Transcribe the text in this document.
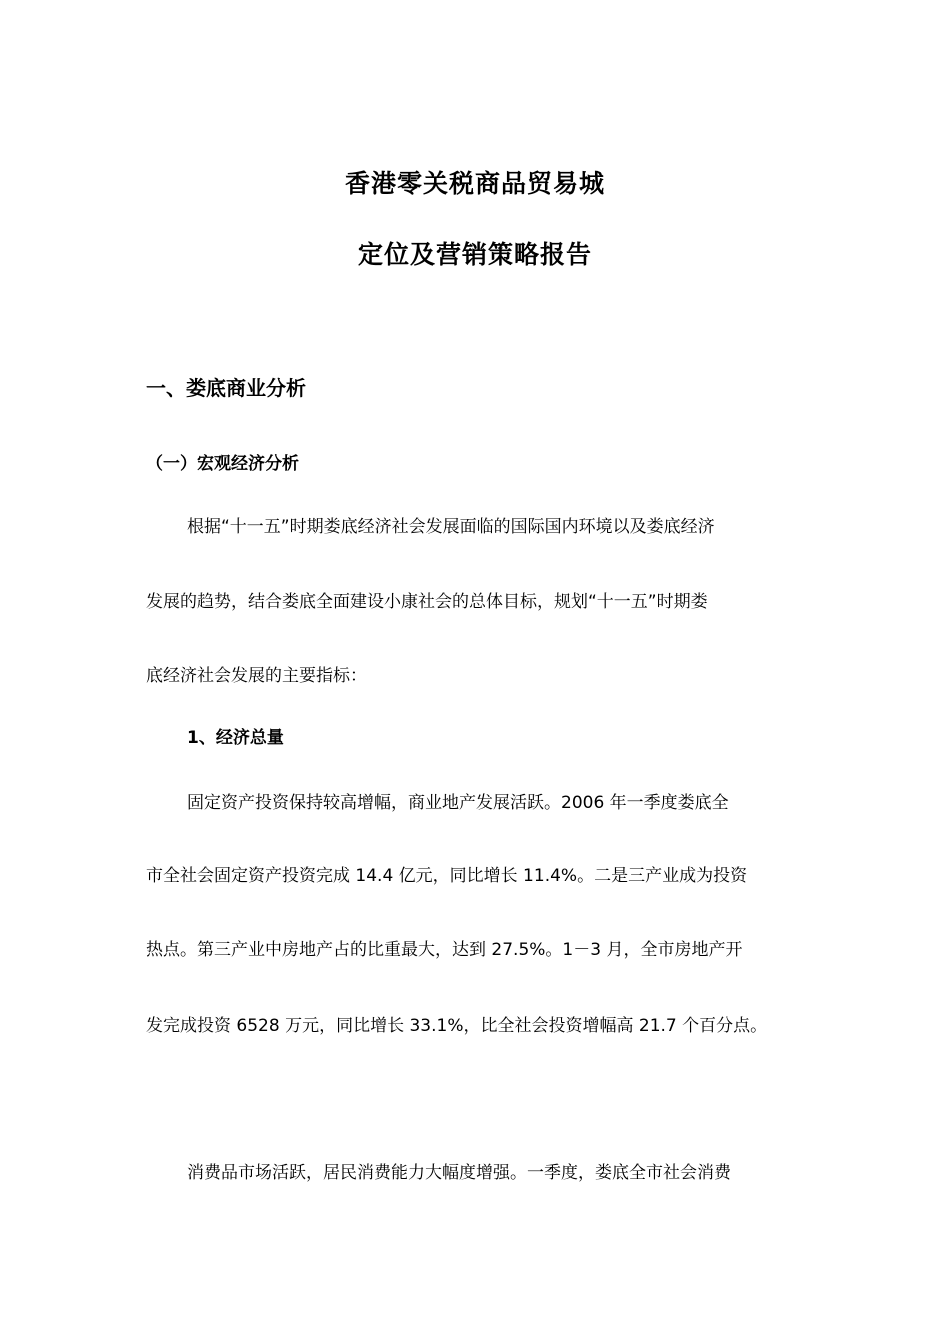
香港零关税商品贸易城
定位及营销策略报告
一、娄底商业分析
（一）宏观经济分析

根据“十一五”时期娄底经济社会发展面临的国际国内环境以及娄底经济

发展的趋势，结合娄底全面建设小康社会的总体目标，规划“十一五”时期娄

底经济社会发展的主要指标：

1、经济总量

固定资产投资保持较高增幅，商业地产发展活跃。2006 年一季度娄底全

市全社会固定资产投资完成 14.4 亿元，同比增长 11.4%。二是三产业成为投资

热点。第三产业中房地产占的比重最大，达到 27.5%。1－3 月，全市房地产开

发完成投资 6528 万元，同比增长 33.1%，比全社会投资增幅高 21.7 个百分点。

消费品市场活跃，居民消费能力大幅度增强。一季度，娄底全市社会消费
